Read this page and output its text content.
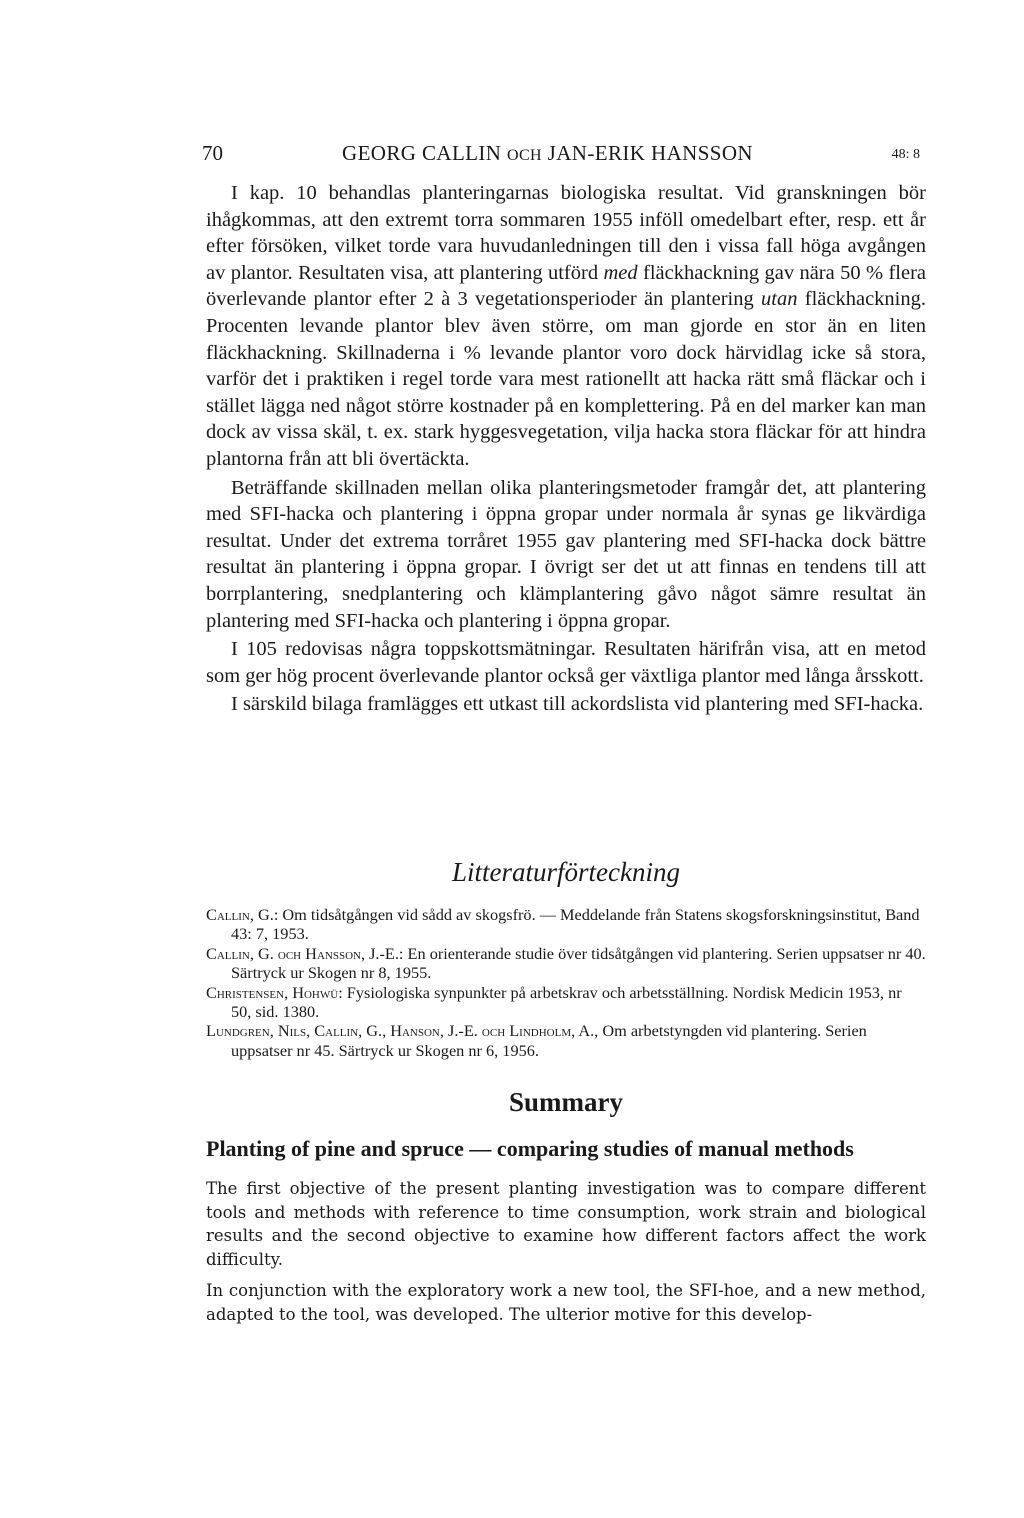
70	GEORG CALLIN OCH JAN-ERIK HANSSON	48: 8

I kap. 10 behandlas planteringarnas biologiska resultat. Vid granskningen bör ihågkommas, att den extremt torra sommaren 1955 inföll omedelbart efter, resp. ett år efter försöken, vilket torde vara huvudanledningen till den i vissa fall höga avgången av plantor. Resultaten visa, att plantering utförd med fläckhackning gav nära 50 % flera överlevande plantor efter 2 à 3 vegetationsperioder än plantering utan fläckhackning. Procenten levande plantor blev även större, om man gjorde en stor än en liten fläckhackning. Skillnaderna i % levande plantor voro dock härvidlag icke så stora, varför det i praktiken i regel torde vara mest rationellt att hacka rätt små fläckar och i stället lägga ned något större kostnader på en komplettering. På en del marker kan man dock av vissa skäl, t. ex. stark hyggesvegetation, vilja hacka stora fläckar för att hindra plantorna från att bli övertäckta.

Beträffande skillnaden mellan olika planteringsmetoder framgår det, att plantering med SFI-hacka och plantering i öppna gropar under normala år synas ge likvärdiga resultat. Under det extrema torråret 1955 gav plantering med SFI-hacka dock bättre resultat än plantering i öppna gropar. I övrigt ser det ut att finnas en tendens till att borrplantering, snedplantering och klämplantering gåvo något sämre resultat än plantering med SFI-hacka och plantering i öppna gropar.

I 105 redovisas några toppskottsmätningar. Resultaten härifrån visa, att en metod som ger hög procent överlevande plantor också ger växtliga plantor med långa årsskott.

I särskild bilaga framlägges ett utkast till ackordslista vid plantering med SFI-hacka.

Litteraturförteckning

Callin, G.: Om tidsåtgången vid sådd av skogsfrö. — Meddelande från Statens skogsforskningsinstitut, Band 43: 7, 1953.

Callin, G. och Hansson, J.-E.: En orienterande studie över tidsåtgången vid plantering. Serien uppsatser nr 40. Särtryck ur Skogen nr 8, 1955.

Christensen, Hohwü: Fysiologiska synpunkter på arbetskrav och arbetsställning. Nordisk Medicin 1953, nr 50, sid. 1380.

Lundgren, Nils, Callin, G., Hanson, J.-E. och Lindholm, A., Om arbetstyngden vid plantering. Serien uppsatser nr 45. Särtryck ur Skogen nr 6, 1956.

Summary
Planting of pine and spruce — comparing studies of manual methods

The first objective of the present planting investigation was to compare different tools and methods with reference to time consumption, work strain and biological results and the second objective to examine how different factors affect the work difficulty.

In conjunction with the exploratory work a new tool, the SFI-hoe, and a new method, adapted to the tool, was developed. The ulterior motive for this develop-
